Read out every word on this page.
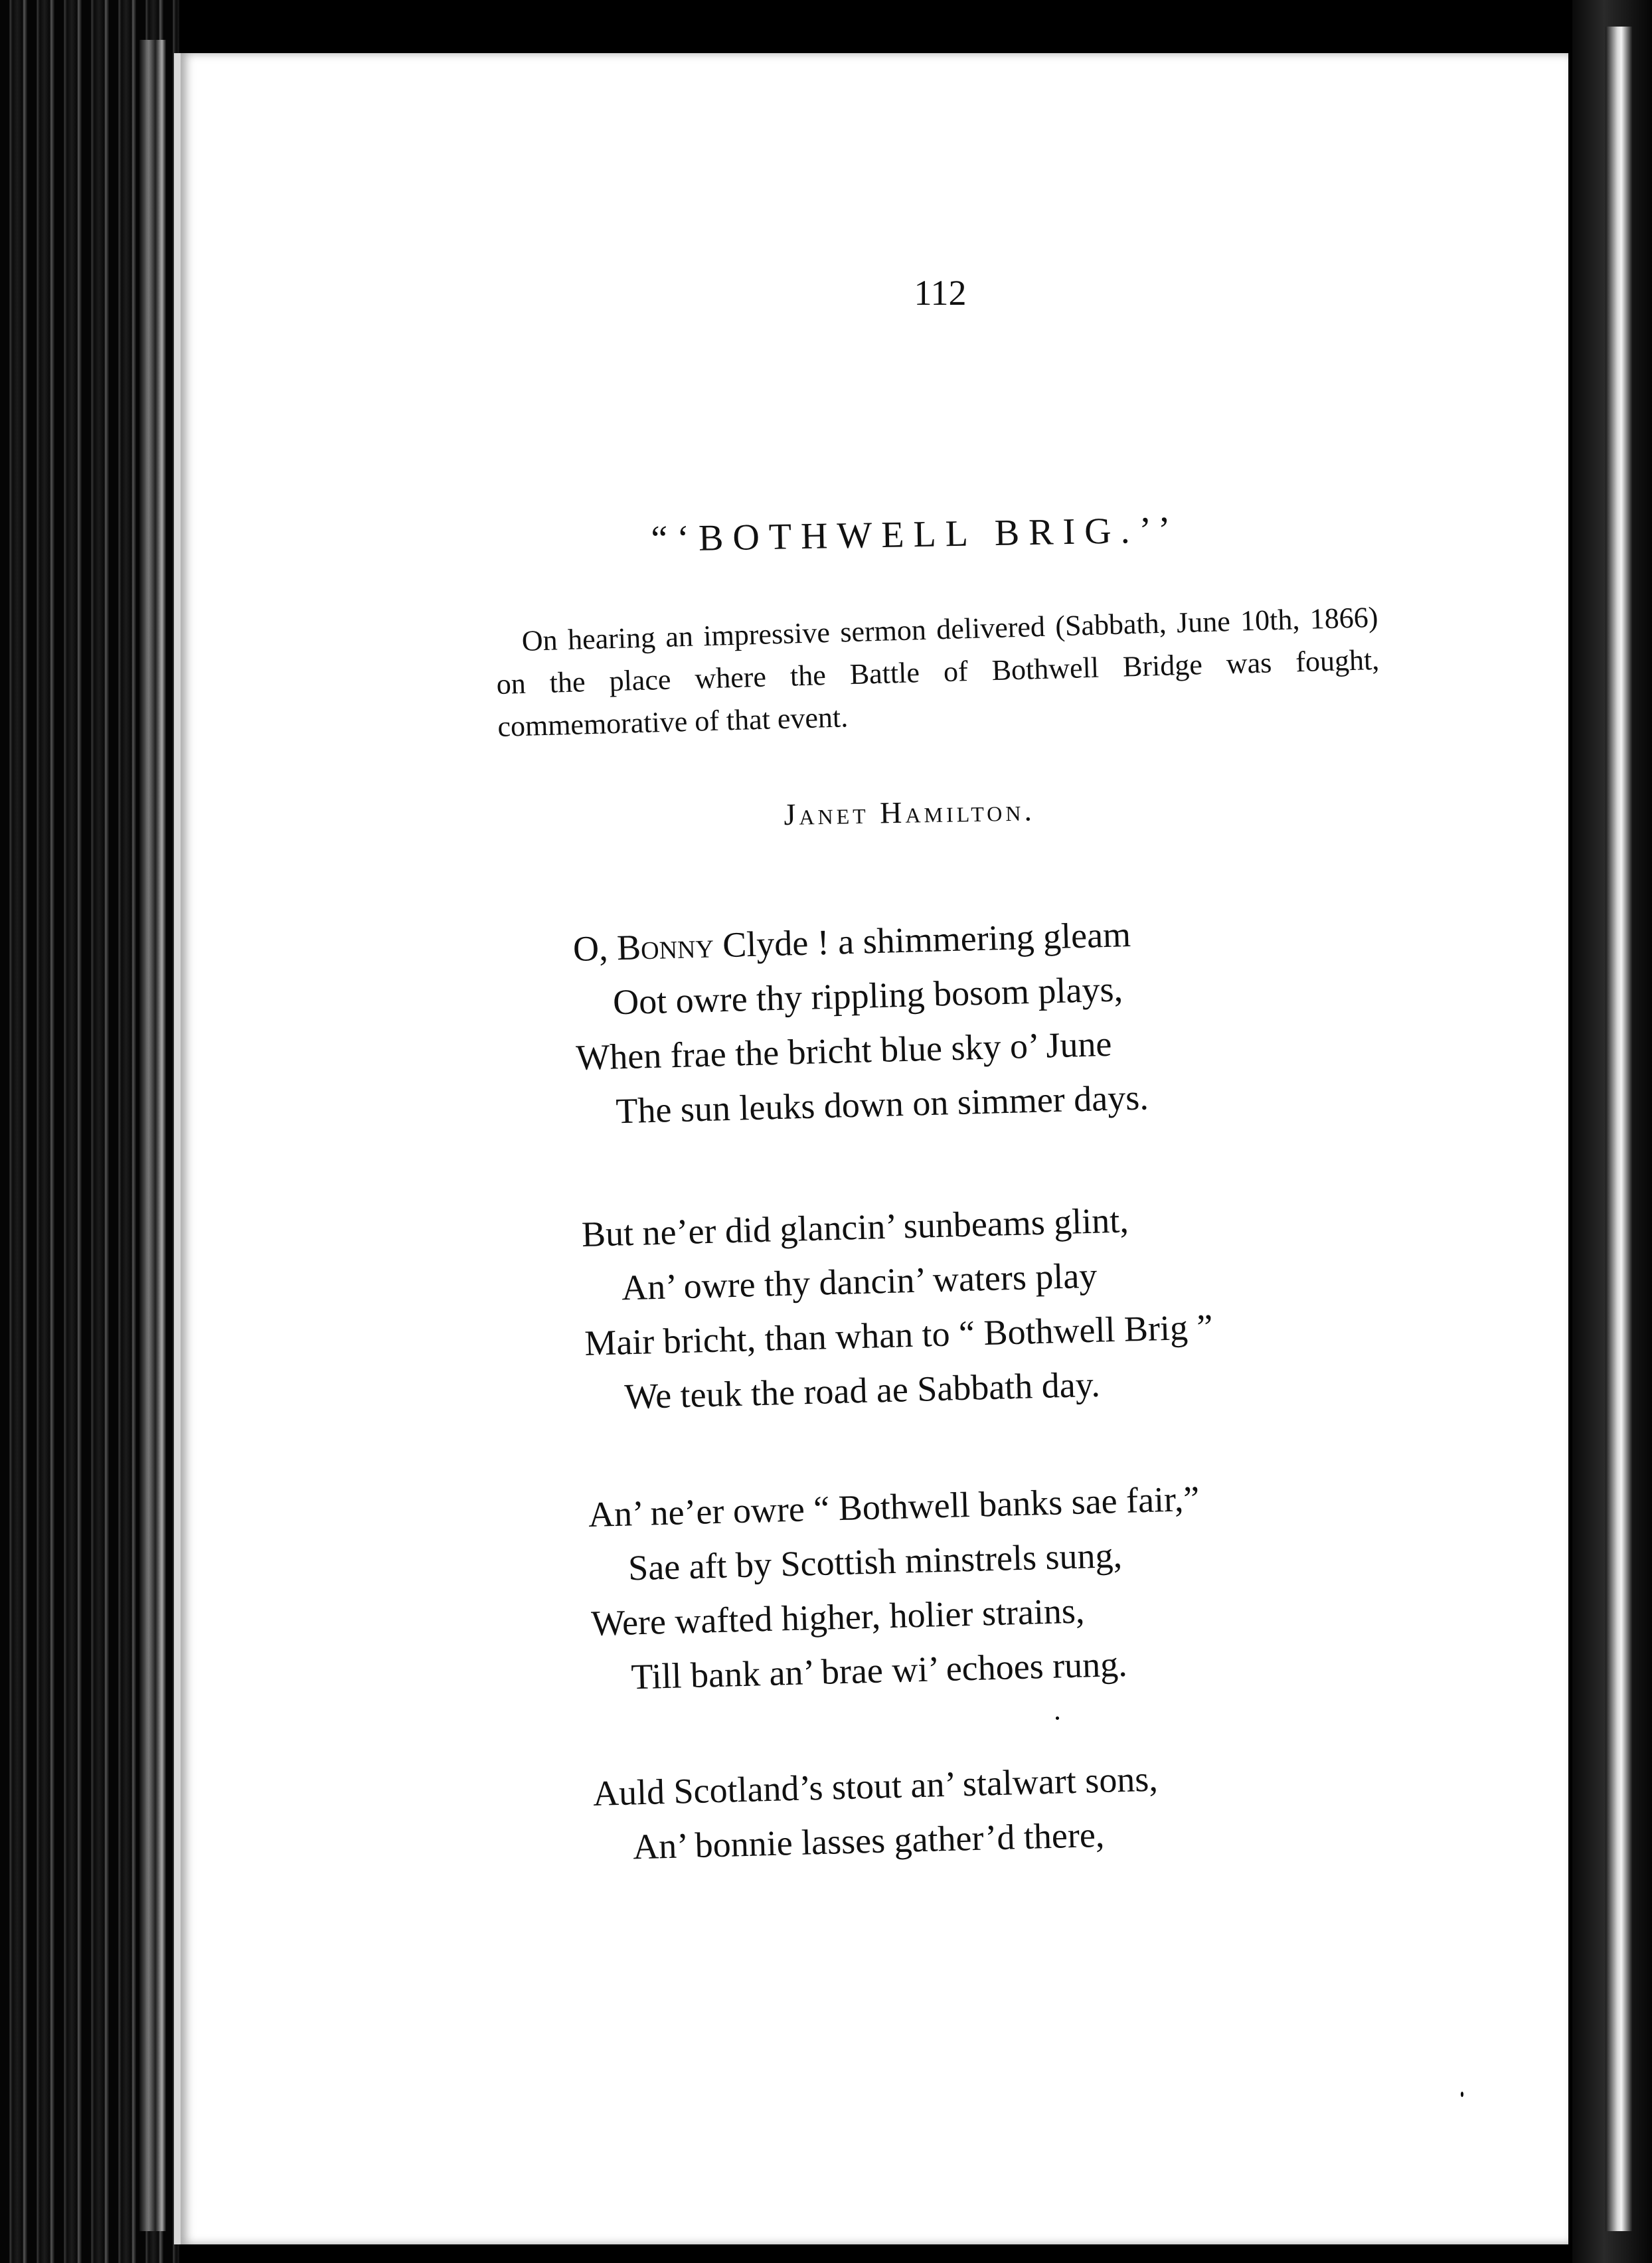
112
“‘BOTHWELL BRIG.’’
On hearing an impressive sermon delivered (Sabbath, June 10th, 1866) on the place where the Battle of Bothwell Bridge was fought, commemorative of that event.
Janet Hamilton.
O, Bonny Clyde ! a shimmering gleam
Oot owre thy rippling bosom plays,
When frae the bricht blue sky o’ June
The sun leuks down on simmer days.
But ne’er did glancin’ sunbeams glint,
An’ owre thy dancin’ waters play
Mair bricht, than whan to “ Bothwell Brig ”
We teuk the road ae Sabbath day.
An’ ne’er owre “ Bothwell banks sae fair,”
Sae aft by Scottish minstrels sung,
Were wafted higher, holier strains,
Till bank an’ brae wi’ echoes rung.
Auld Scotland’s stout an’ stalwart sons,
An’ bonnie lasses gather’d there,
